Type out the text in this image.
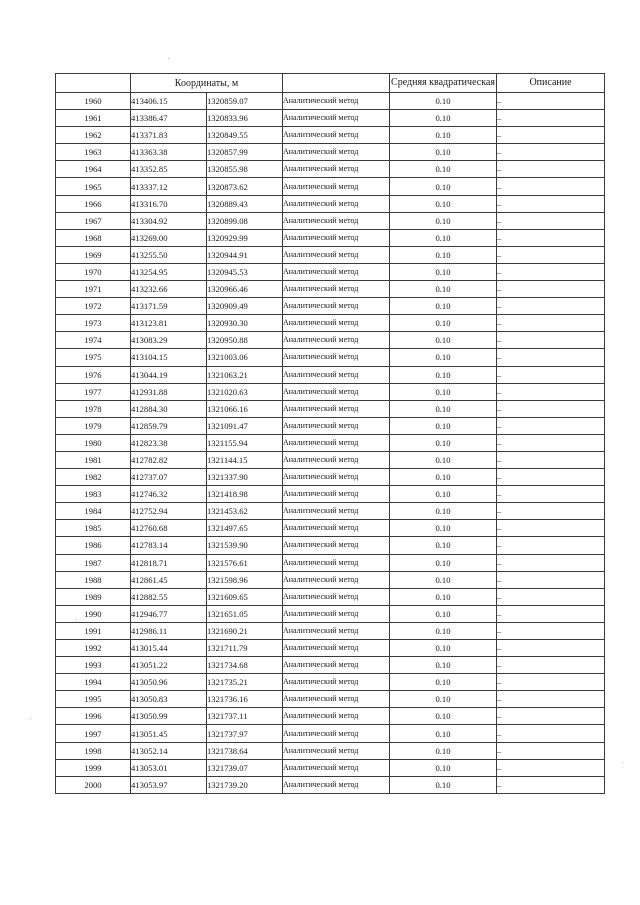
	Координаты, м			Средняя квадратическая	Описание
1960	413406.15	1320859.07	Аналитический метод	0.10	–
1961	413386.47	1320833.96	Аналитический метод	0.10	–
1962	413371.83	1320849.55	Аналитический метод	0.10	–
1963	413363.38	1320857.99	Аналитический метод	0.10	–
1964	413352.85	1320855.98	Аналитический метод	0.10	–
1965	413337.12	1320873.62	Аналитический метод	0.10	–
1966	413316.70	1320889.43	Аналитический метод	0.10	–
1967	413304.92	1320899.08	Аналитический метод	0.10	–
1968	413269.00	1320929.99	Аналитический метод	0.10	–
1969	413255.50	1320944.91	Аналитический метод	0.10	–
1970	413254.95	1320945.53	Аналитический метод	0.10	–
1971	413232.66	1320966.46	Аналитический метод	0.10	–
1972	413171.59	1320909.49	Аналитический метод	0.10	–
1973	413123.81	1320930.30	Аналитический метод	0.10	–
1974	413083.29	1320950.88	Аналитический метод	0.10	–
1975	413104.15	1321003.06	Аналитический метод	0.10	–
1976	413044.19	1321063.21	Аналитический метод	0.10	–
1977	412931.88	1321020.63	Аналитический метод	0.10	–
1978	412884.30	1321066.16	Аналитический метод	0.10	–
1979	412859.79	1321091.47	Аналитический метод	0.10	–
1980	412823.38	1321155.94	Аналитический метод	0.10	–
1981	412782.82	1321144.15	Аналитический метод	0.10	–
1982	412737.07	1321337.90	Аналитический метод	0.10	–
1983	412746.32	1321418.98	Аналитический метод	0.10	–
1984	412752.94	1321453.62	Аналитический метод	0.10	–
1985	412760.68	1321497.65	Аналитический метод	0.10	–
1986	412783.14	1321539.90	Аналитический метод	0.10	–
1987	412818.71	1321576.61	Аналитический метод	0.10	–
1988	412861.45	1321598.96	Аналитический метод	0.10	–
1989	412882.55	1321609.65	Аналитический метод	0.10	–
1990	412946.77	1321651.05	Аналитический метод	0.10	–
1991	412986.11	1321690.21	Аналитический метод	0.10	–
1992	413015.44	1321711.79	Аналитический метод	0.10	–
1993	413051.22	1321734.68	Аналитический метод	0.10	–
1994	413050.96	1321735.21	Аналитический метод	0.10	–
1995	413050.83	1321736.16	Аналитический метод	0.10	–
1996	413050.99	1321737.11	Аналитический метод	0.10	–
1997	413051.45	1321737.97	Аналитический метод	0.10	–
1998	413052.14	1321738.64	Аналитический метод	0.10	–
1999	413053.01	1321739.07	Аналитический метод	0.10	–
2000	413053.97	1321739.20	Аналитический метод	0.10	–
